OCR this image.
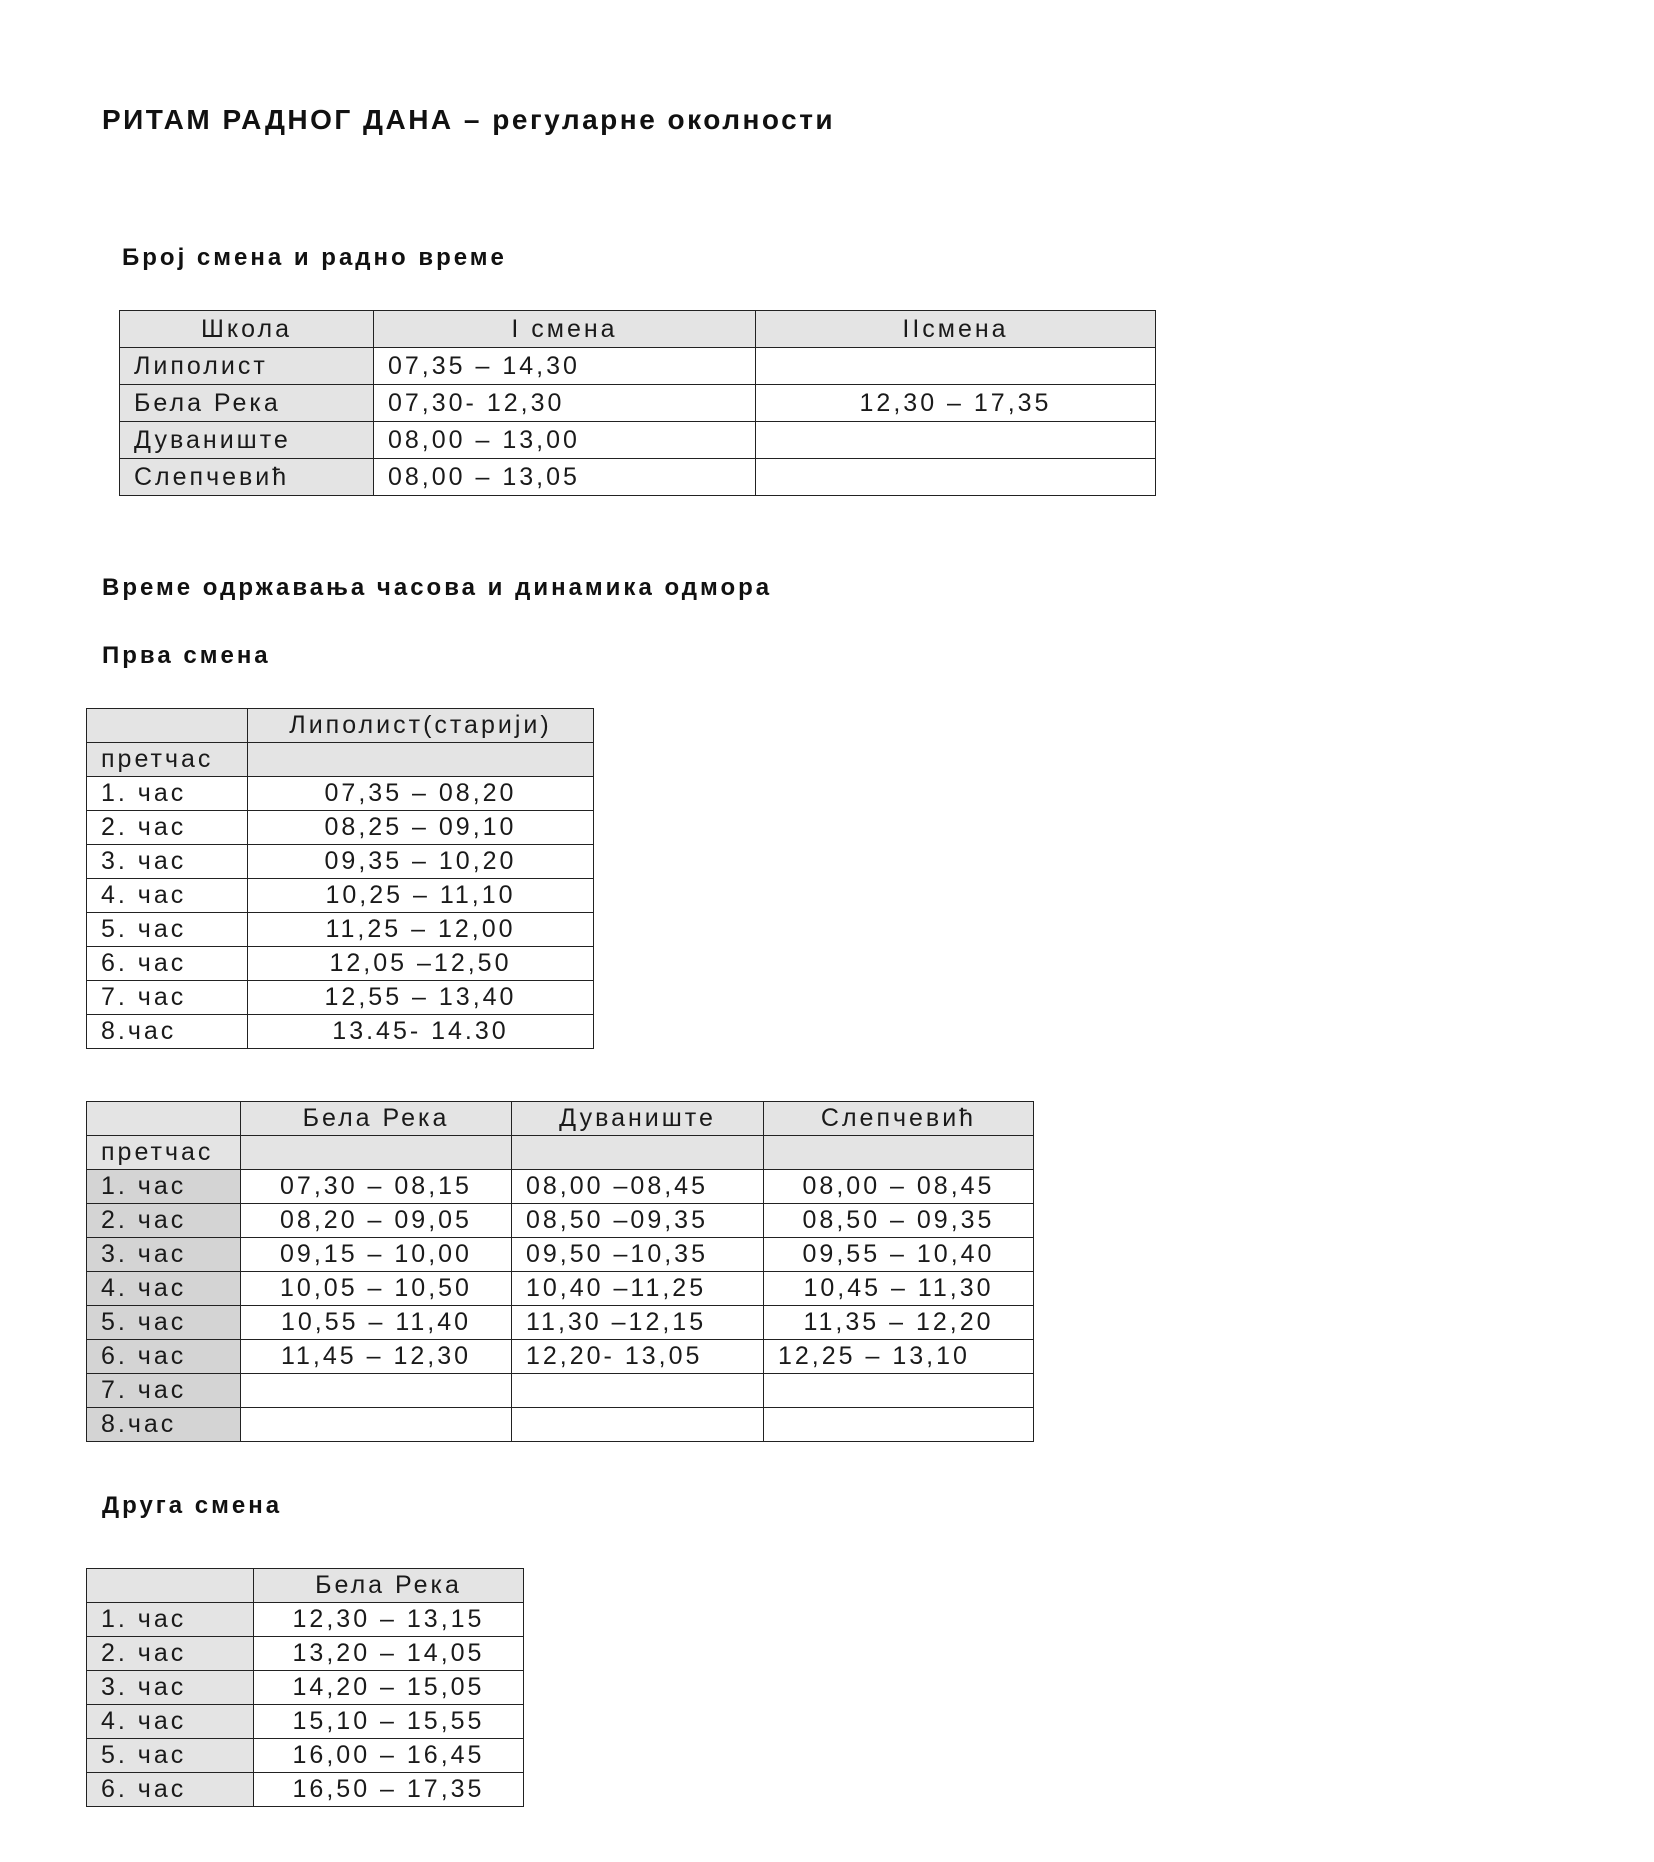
РИТАМ РАДНОГ ДАНА – регуларне околности
Број смена и радно време
Школа	I смена	IIсмена
Липолист	07,35 – 14,30	
Бела Река	07,30- 12,30	12,30 – 17,35
Дуваниште	08,00 – 13,00	
Слепчевић	08,00 – 13,05	
Време одржавања часова и динамика одмора
Прва смена
	Липолист(старији)
претчас	
1. час	07,35 – 08,20
2. час	08,25 – 09,10
3. час	09,35 – 10,20
4. час	10,25 – 11,10
5. час	11,25 – 12,00
6. час	12,05 –12,50
7. час	12,55 – 13,40
8.час	13.45- 14.30
	Бела Река	Дуваниште	Слепчевић
претчас			
1. час	07,30 – 08,15	08,00 –08,45	08,00 – 08,45
2. час	08,20 – 09,05	08,50 –09,35	08,50 – 09,35
3. час	09,15 – 10,00	09,50 –10,35	09,55 – 10,40
4. час	10,05 – 10,50	10,40 –11,25	10,45 – 11,30
5. час	10,55 – 11,40	11,30 –12,15	11,35 – 12,20
6. час	11,45 – 12,30	12,20- 13,05	12,25 – 13,10
7. час			
8.час			
Друга смена
	Бела Река
1. час	12,30 – 13,15
2. час	13,20 – 14,05
3. час	14,20 – 15,05
4. час	15,10 – 15,55
5. час	16,00 – 16,45
6. час	16,50 – 17,35
